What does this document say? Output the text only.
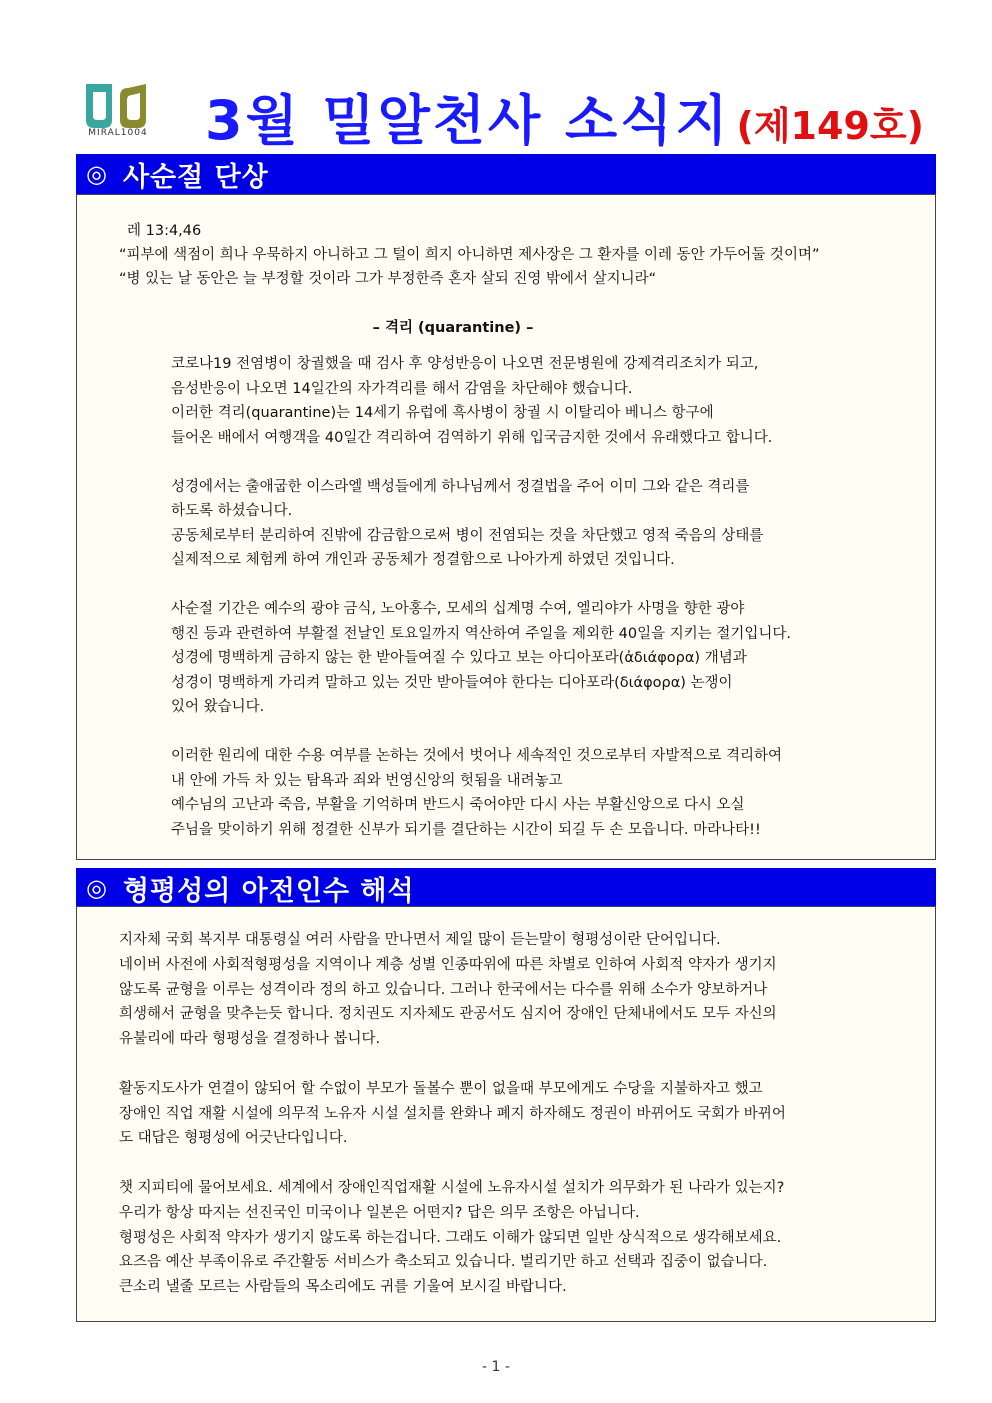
MIRAL1004 3월 밀알천사 소식지 (제149호)
◎ 사순절 단상
레 13:4,46
“피부에 색점이 희나 우묵하지 아니하고 그 털이 희지 아니하면 제사장은 그 환자를 이레 동안 가두어둘 것이며”
“병 있는 날 동안은 늘 부정할 것이라 그가 부정한즉 혼자 살되 진영 밖에서 살지니라“
– 격리 (quarantine) –
코로나19 전염병이 창궐했을 때 검사 후 양성반응이 나오면 전문병원에 강제격리조치가 되고,
음성반응이 나오면 14일간의 자가격리를 해서 감염을 차단해야 했습니다.
이러한 격리(quarantine)는 14세기 유럽에 흑사병이 창궐 시 이탈리아 베니스 항구에
들어온 배에서 여행객을 40일간 격리하여 검역하기 위해 입국금지한 것에서 유래했다고 합니다.
성경에서는 출애굽한 이스라엘 백성들에게 하나님께서 정결법을 주어 이미 그와 같은 격리를
하도록 하셨습니다.
공동체로부터 분리하여 진밖에 감금함으로써 병이 전염되는 것을 차단했고 영적 죽음의 상태를
실제적으로 체험케 하여 개인과 공동체가 정결함으로 나아가게 하였던 것입니다.
사순절 기간은 예수의 광야 금식, 노아홍수, 모세의 십계명 수여, 엘리야가 사명을 향한 광야
행진 등과 관련하여 부활절 전날인 토요일까지 역산하여 주일을 제외한 40일을 지키는 절기입니다.
성경에 명백하게 금하지 않는 한 받아들여질 수 있다고 보는 아디아포라(ἀδιάφορα) 개념과
성경이 명백하게 가리켜 말하고 있는 것만 받아들여야 한다는 디아포라(διάφορα) 논쟁이
있어 왔습니다.
이러한 원리에 대한 수용 여부를 논하는 것에서 벗어나 세속적인 것으로부터 자발적으로 격리하여
내 안에 가득 차 있는 탐욕과 죄와 번영신앙의 헛됨을 내려놓고
예수님의 고난과 죽음, 부활을 기억하며 반드시 죽어야만 다시 사는 부활신앙으로 다시 오실
주님을 맞이하기 위해 정결한 신부가 되기를 결단하는 시간이 되길 두 손 모읍니다. 마라나타!!
◎ 형평성의 아전인수 해석
지자체 국회 복지부 대통령실 여러 사람을 만나면서 제일 많이 듣는말이 형평성이란 단어입니다.
네이버 사전에 사회적형평성을 지역이나 계층 성별 인종따위에 따른 차별로 인하여 사회적 약자가 생기지
않도록 균형을 이루는 성격이라 정의 하고 있습니다. 그러나 한국에서는 다수를 위해 소수가 양보하거나
희생해서 균형을 맞추는듯 합니다. 정치권도 지자체도 관공서도 심지어 장애인 단체내에서도 모두 자신의
유불리에 따라 형평성을 결정하나 봅니다.
활동지도사가 연결이 않되어 할 수없이 부모가 돌볼수 뿐이 없을때 부모에게도 수당을 지불하자고 했고
장애인 직업 재활 시설에 의무적 노유자 시설 설치를 완화나 폐지 하자해도 정권이 바뀌어도 국회가 바뀌어
도 대답은 형평성에 어긋난다입니다.
챗 지피티에 물어보세요. 세계에서 장애인직업재활 시설에 노유자시설 설치가 의무화가 된 나라가 있는지?
우리가 항상 따지는 선진국인 미국이나 일본은 어떤지? 답은 의무 조항은 아닙니다.
형평성은 사회적 약자가 생기지 않도록 하는겁니다. 그래도 이해가 않되면 일반 상식적으로 생각해보세요.
요즈음 예산 부족이유로 주간활동 서비스가 축소되고 있습니다. 벌리기만 하고 선택과 집중이 없습니다.
큰소리 낼줄 모르는 사람들의 목소리에도 귀를 기울여 보시길 바랍니다.
- 1 -
